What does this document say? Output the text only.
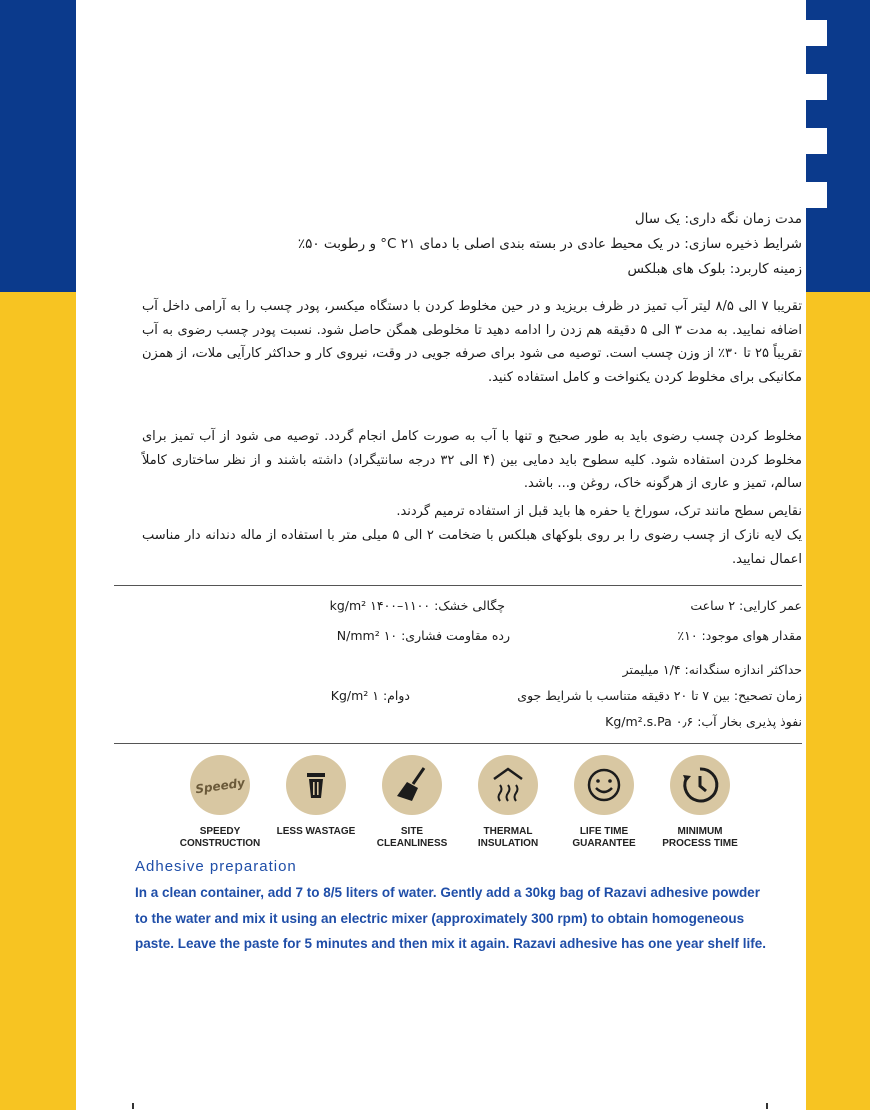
مدت زمان نگه داری: یک سال
شرایط ذخیره سازی: در یک محیط عادی در بسته بندی اصلی با دمای ۲۱ C° و رطوبت ۵۰٪
زمینه کاربرد: بلوک های هبلکس
تقریبا ۷ الی ۸/۵ لیتر آب تمیز در ظرف بریزید و در حین مخلوط کردن با دستگاه میکسر، پودر چسب را به آرامی داخل آب اضافه نمایید. به مدت ۳ الی ۵ دقیقه هم زدن را ادامه دهید تا مخلوطی همگن حاصل شود. نسبت پودر چسب رضوی به آب تقریباً ۲۵ تا ۳۰٪ از وزن چسب است. توصیه می شود برای صرفه جویی در وقت، نیروی کار و حداکثر کارآیی ملات، از همزن مکانیکی برای مخلوط کردن یکنواخت و کامل استفاده کنید.
مخلوط کردن چسب رضوی باید به طور صحیح و تنها با آب به صورت کامل انجام گردد. توصیه می شود از آب تمیز برای مخلوط کردن استفاده شود. کلیه سطوح باید دمایی بین (۴ الی ۳۲ درجه سانتیگراد) داشته باشند و از نظر ساختاری کاملاً سالم، تمیز و عاری از هرگونه خاک، روغن و... باشد.
نقایص سطح مانند ترک، سوراخ یا حفره ها باید قبل از استفاده ترمیم گردند.
یک لایه نازک از چسب رضوی را بر روی بلوکهای هبلکس با ضخامت ۲ الی ۵ میلی متر با استفاده از ماله دندانه دار مناسب اعمال نمایید.
عمر کارایی: ۲ ساعت
چگالی خشک: kg/m² ۱۴۰۰–۱۱۰۰
مقدار هوای موجود: ۱۰٪
رده مقاومت فشاری: N/mm² ۱۰
حداکثر اندازه سنگدانه: ۱/۴ میلیمتر
زمان تصحیح: بین ۷ تا ۲۰ دقیقه متناسب با شرایط جوی
دوام: Kg/m² ۱
نفوذ پذیری بخار آب: Kg/m².s.Pa ۰٫۶
Speedy
SPEEDY
CONSTRUCTION
LESS WASTAGE	SITE
CLEANLINESS
THERMAL
INSULATION
LIFE TIME
GUARANTEE
MINIMUM
PROCESS TIME
Adhesive preparation
In a clean container, add 7 to 8/5 liters of water. Gently add a 30kg bag of Razavi adhesive powder to the water and mix it using an electric mixer (approximately 300 rpm) to obtain homogeneous paste. Leave the paste for 5 minutes and then mix it again. Razavi adhesive has one year shelf life.
